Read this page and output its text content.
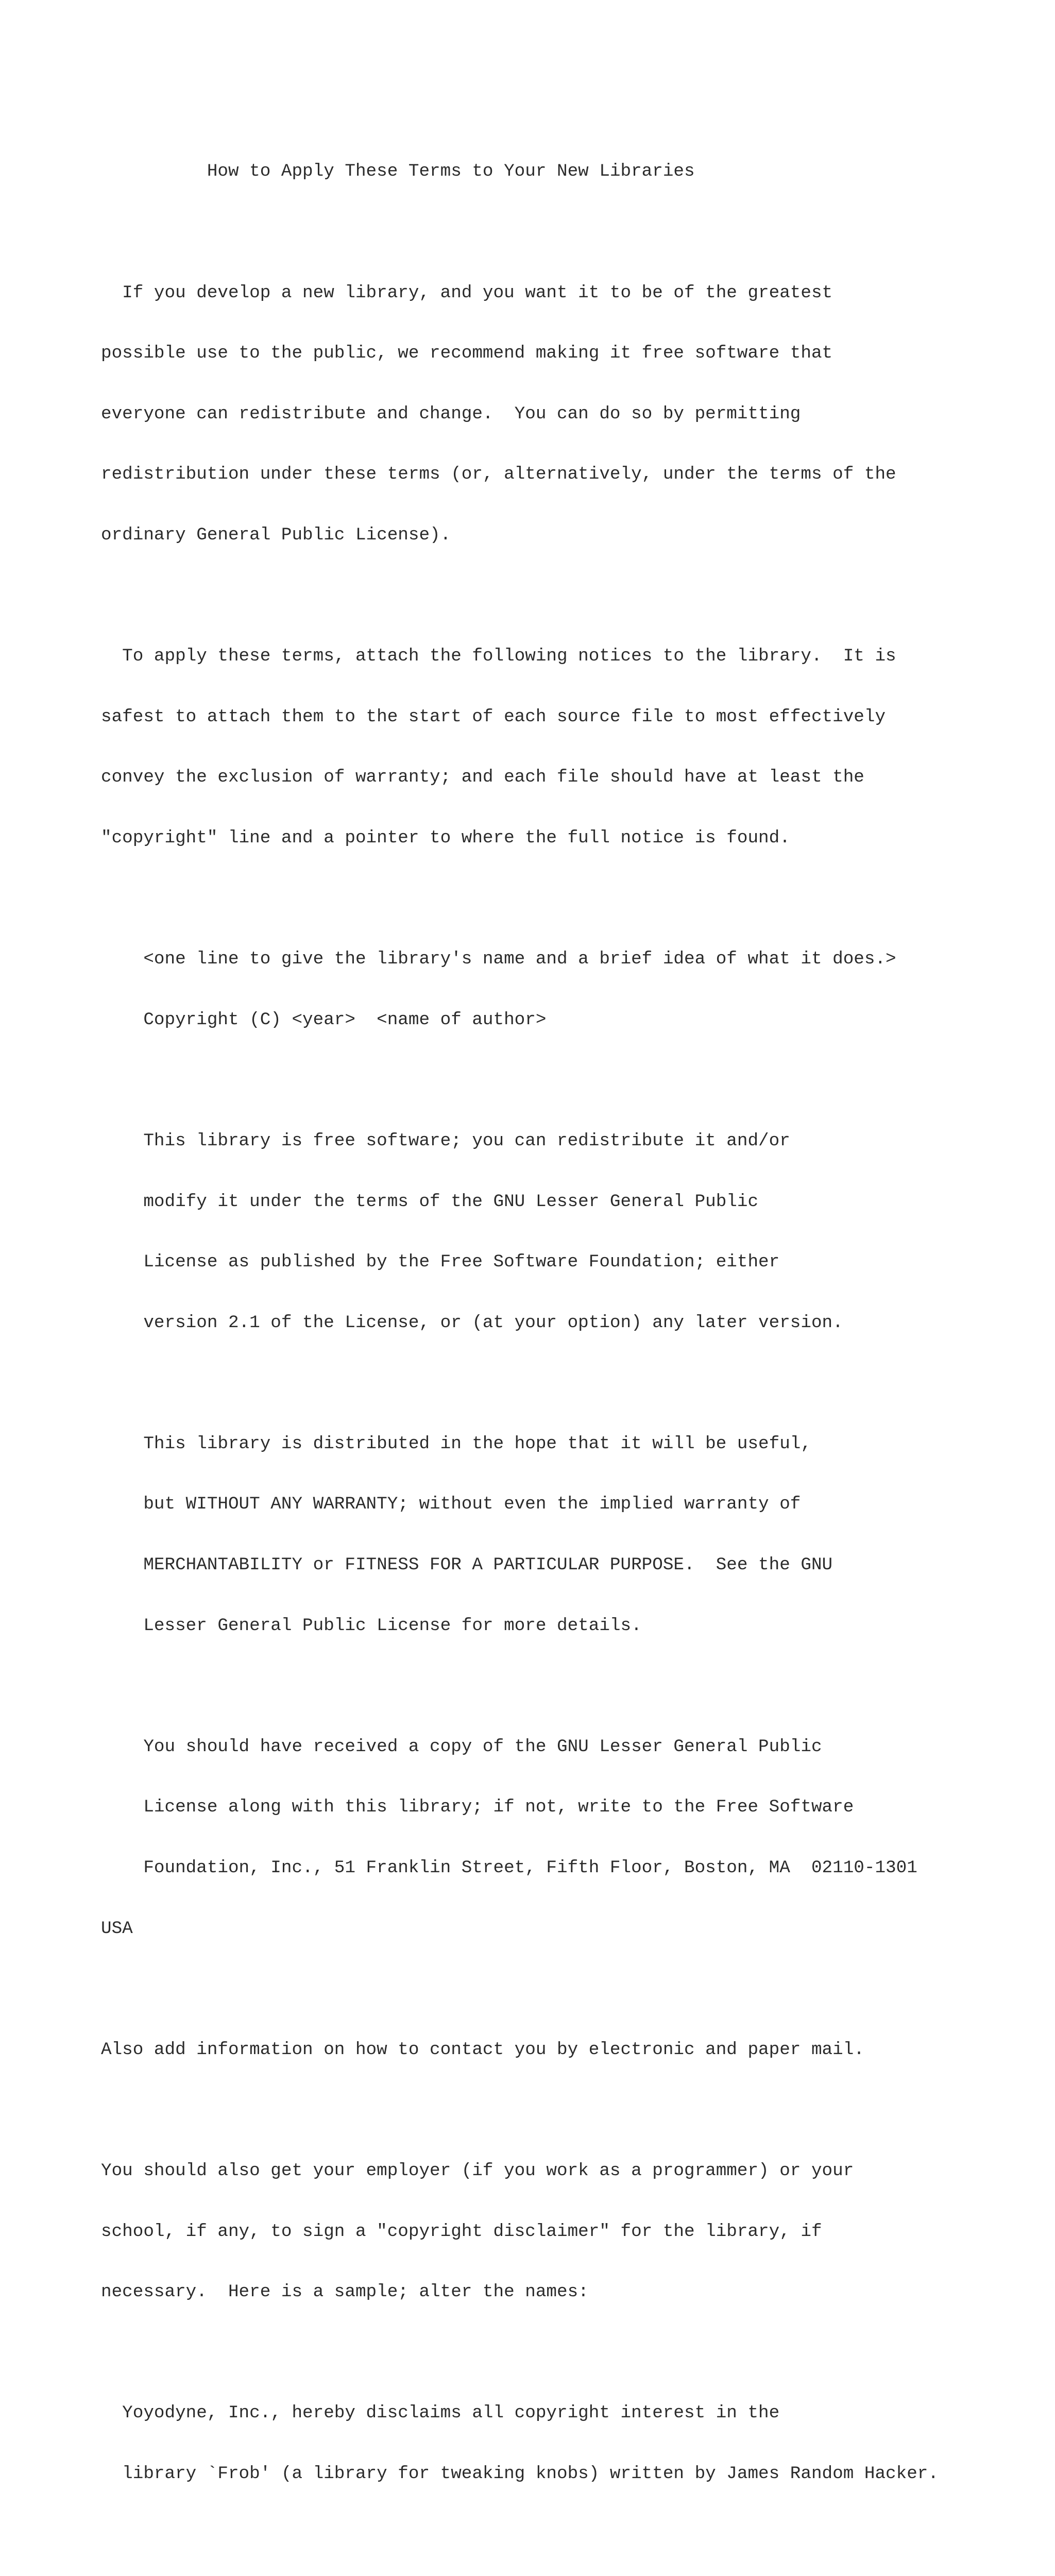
How to Apply These Terms to Your New Libraries

If you develop a new library, and you want it to be of the greatest

possible use to the public, we recommend making it free software that

everyone can redistribute and change.  You can do so by permitting

redistribution under these terms (or, alternatively, under the terms of the

ordinary General Public License).

To apply these terms, attach the following notices to the library.  It is

safest to attach them to the start of each source file to most effectively

convey the exclusion of warranty; and each file should have at least the

"copyright" line and a pointer to where the full notice is found.

<one line to give the library's name and a brief idea of what it does.>

Copyright (C) <year>  <name of author>

This library is free software; you can redistribute it and/or

modify it under the terms of the GNU Lesser General Public

License as published by the Free Software Foundation; either

version 2.1 of the License, or (at your option) any later version.

This library is distributed in the hope that it will be useful,

but WITHOUT ANY WARRANTY; without even the implied warranty of

MERCHANTABILITY or FITNESS FOR A PARTICULAR PURPOSE.  See the GNU

Lesser General Public License for more details.

You should have received a copy of the GNU Lesser General Public

License along with this library; if not, write to the Free Software

Foundation, Inc., 51 Franklin Street, Fifth Floor, Boston, MA  02110-1301

USA

Also add information on how to contact you by electronic and paper mail.

You should also get your employer (if you work as a programmer) or your

school, if any, to sign a "copyright disclaimer" for the library, if

necessary.  Here is a sample; alter the names:

Yoyodyne, Inc., hereby disclaims all copyright interest in the

library `Frob' (a library for tweaking knobs) written by James Random Hacker.
